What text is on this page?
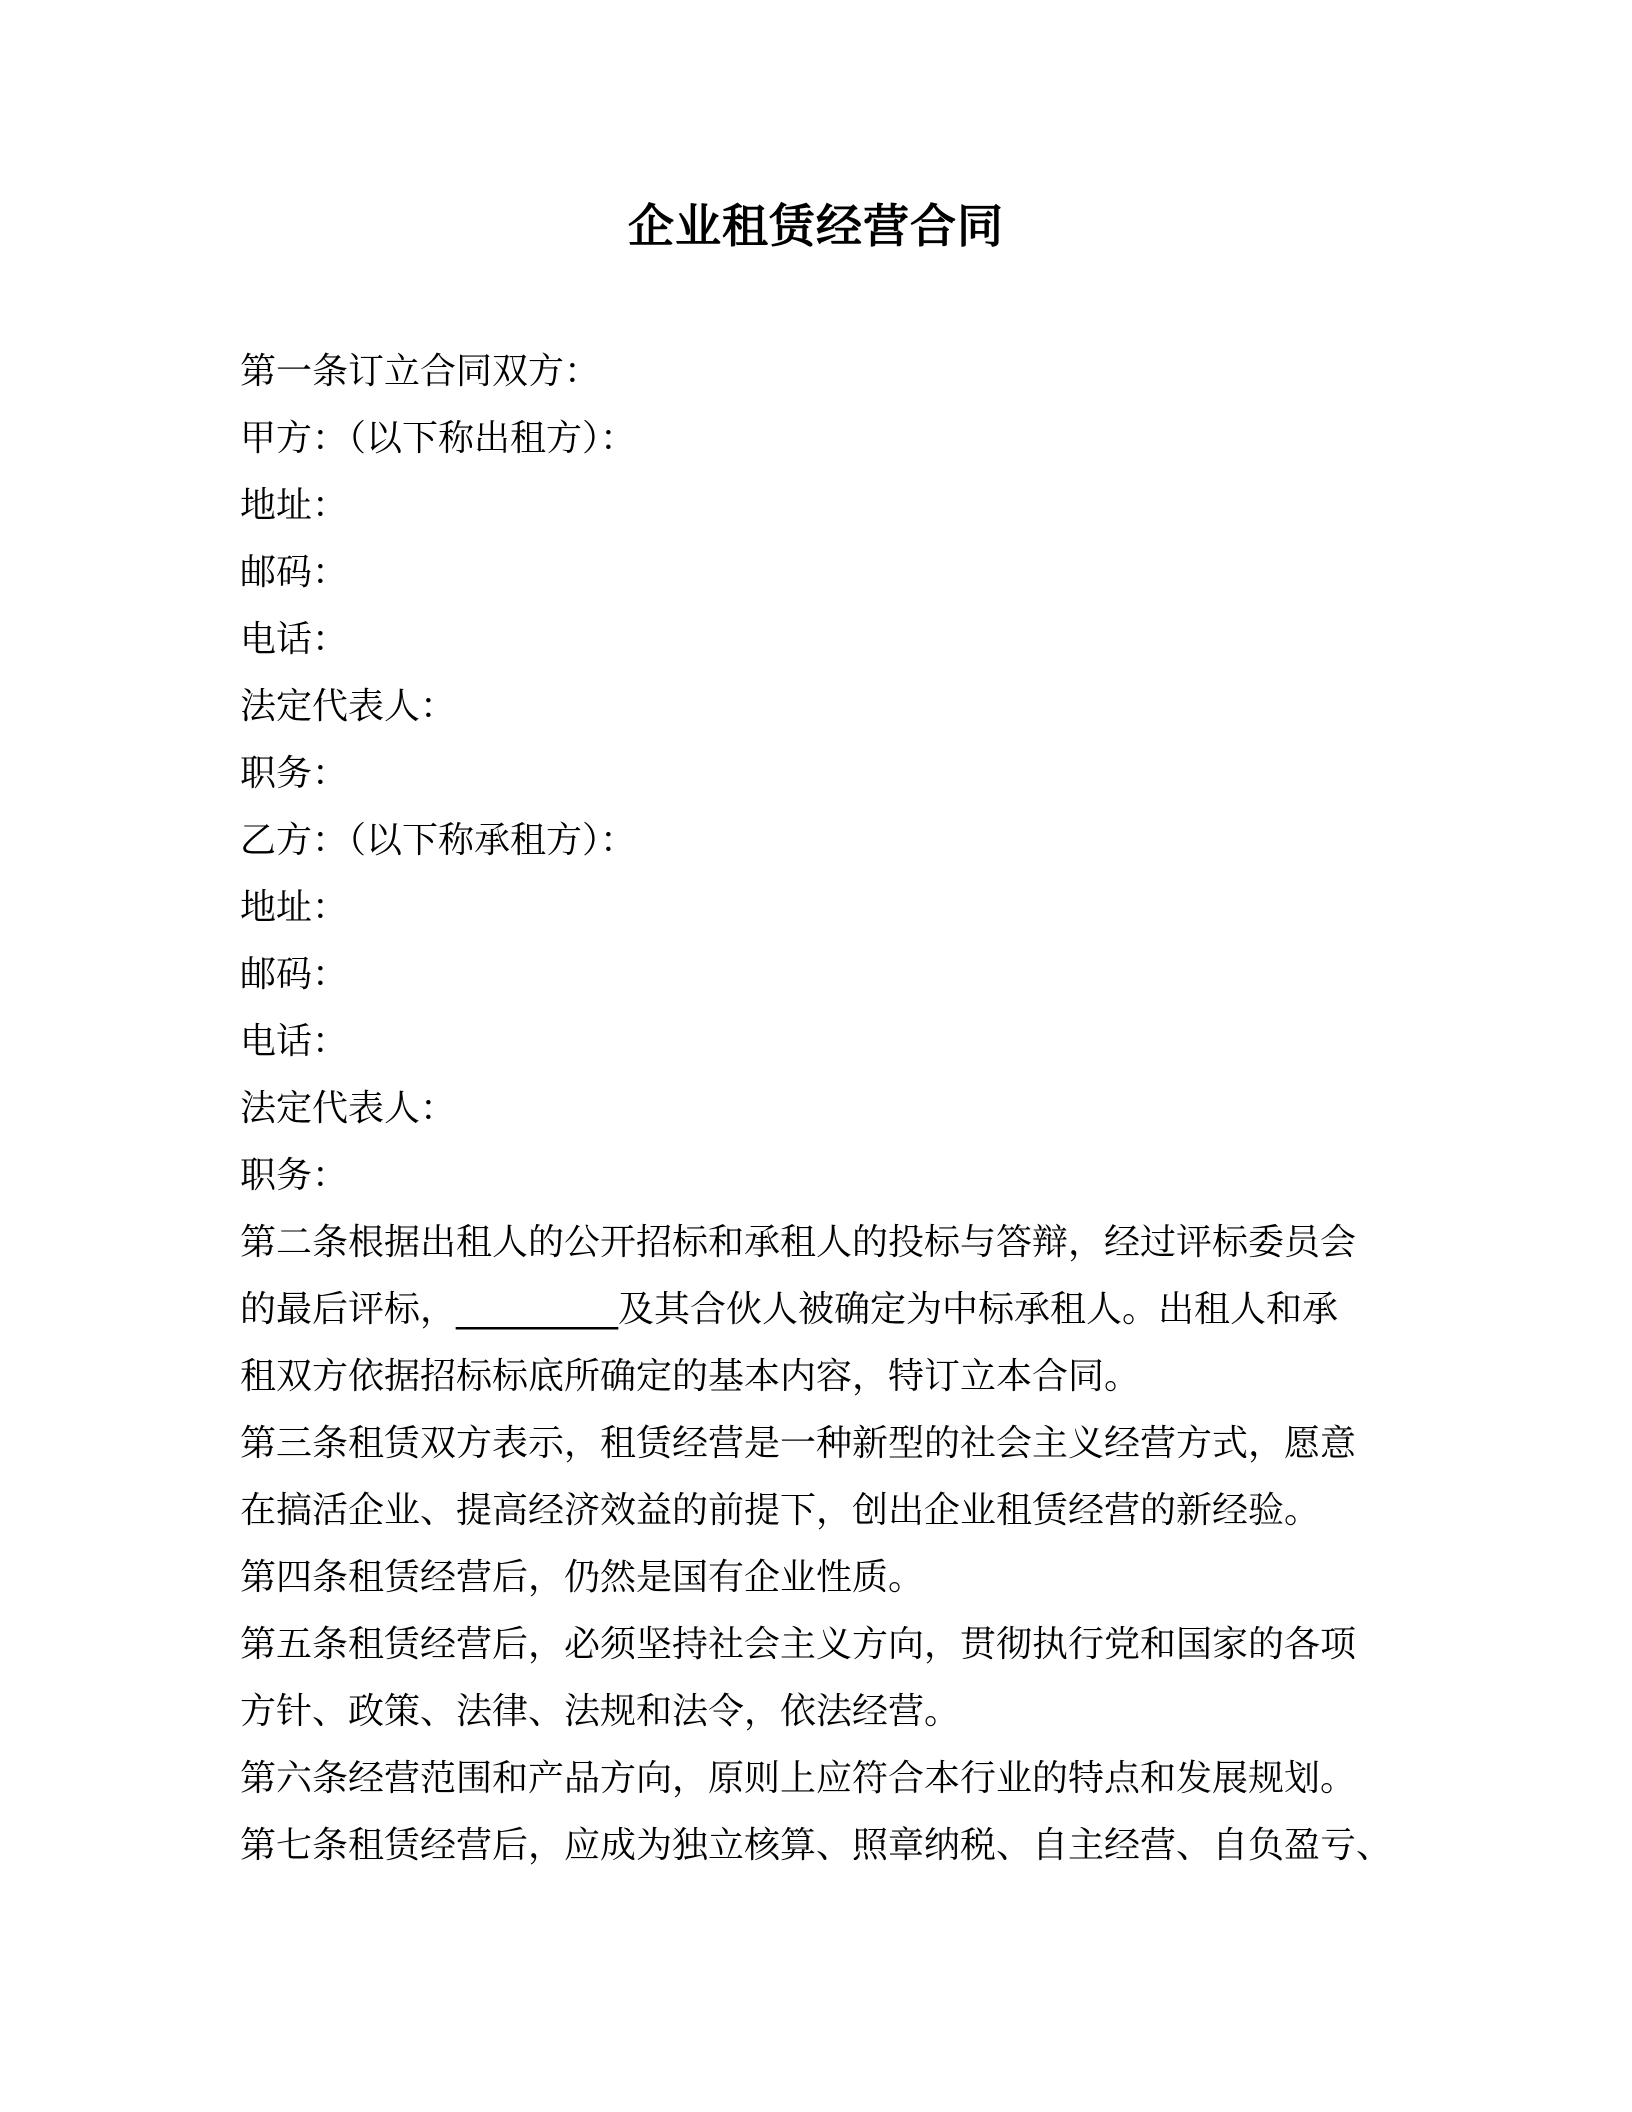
企业租赁经营合同
第一条订立合同双方：
甲方：（以下称出租方）：
地址：
邮码：
电话：
法定代表人：
职务：
乙方：（以下称承租方）：
地址：
邮码：
电话：
法定代表人：
职务：
第二条根据出租人的公开招标和承租人的投标与答辩，经过评标委员会
的最后评标，_________及其合伙人被确定为中标承租人。出租人和承
租双方依据招标标底所确定的基本内容，特订立本合同。
第三条租赁双方表示，租赁经营是一种新型的社会主义经营方式，愿意
在搞活企业、提高经济效益的前提下，创出企业租赁经营的新经验。
第四条租赁经营后，仍然是国有企业性质。
第五条租赁经营后，必须坚持社会主义方向，贯彻执行党和国家的各项
方针、政策、法律、法规和法令，依法经营。
第六条经营范围和产品方向，原则上应符合本行业的特点和发展规划。
第七条租赁经营后，应成为独立核算、照章纳税、自主经营、自负盈亏、
